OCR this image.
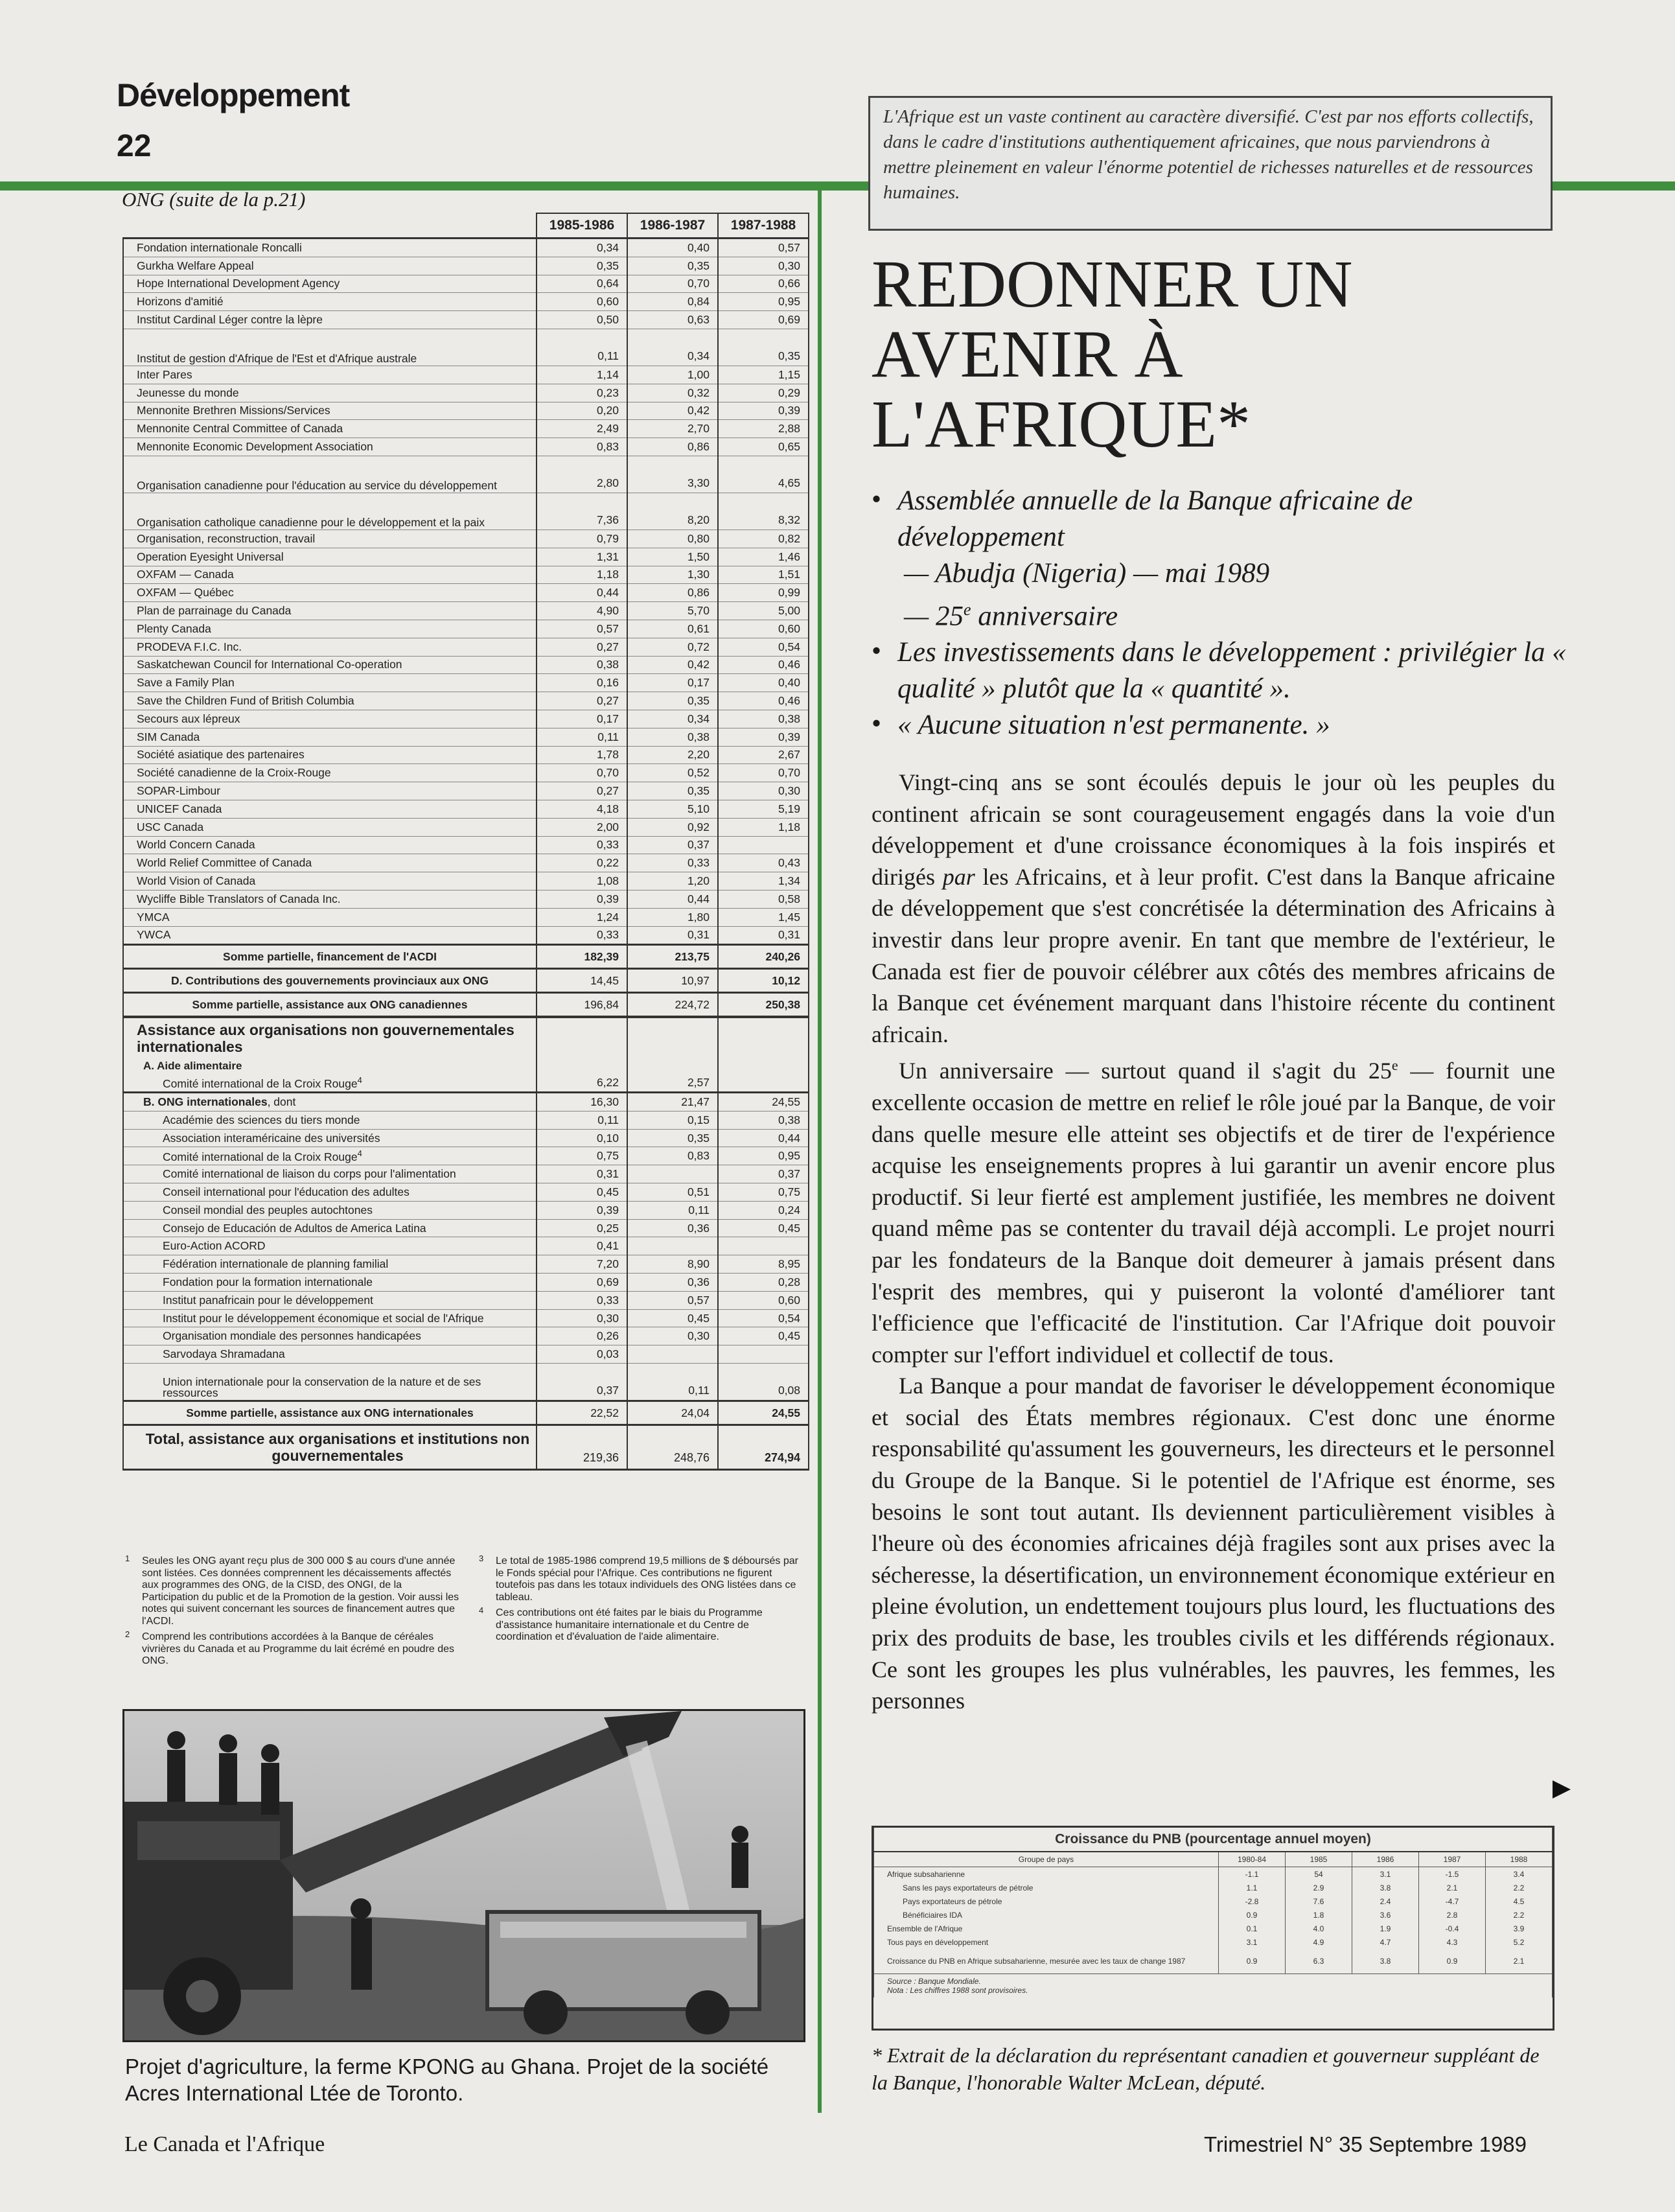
Développement
22
ONG (suite de la p.21)
	1985-1986	1986-1987	1987-1988
Fondation internationale Roncalli	0,34	0,40	0,57
Gurkha Welfare Appeal	0,35	0,35	0,30
Hope International Development Agency	0,64	0,70	0,66
Horizons d'amitié	0,60	0,84	0,95
Institut Cardinal Léger contre la lèpre	0,50	0,63	0,69
Institut de gestion d'Afrique de l'Est et d'Afrique australe	0,11	0,34	0,35
Inter Pares	1,14	1,00	1,15
Jeunesse du monde	0,23	0,32	0,29
Mennonite Brethren Missions/Services	0,20	0,42	0,39
Mennonite Central Committee of Canada	2,49	2,70	2,88
Mennonite Economic Development Association	0,83	0,86	0,65
Organisation canadienne pour l'éducation au service du développement	2,80	3,30	4,65
Organisation catholique canadienne pour le développement et la paix	7,36	8,20	8,32
Organisation, reconstruction, travail	0,79	0,80	0,82
Operation Eyesight Universal	1,31	1,50	1,46
OXFAM — Canada	1,18	1,30	1,51
OXFAM — Québec	0,44	0,86	0,99
Plan de parrainage du Canada	4,90	5,70	5,00
Plenty Canada	0,57	0,61	0,60
PRODEVA F.I.C. Inc.	0,27	0,72	0,54
Saskatchewan Council for International Co-operation	0,38	0,42	0,46
Save a Family Plan	0,16	0,17	0,40
Save the Children Fund of British Columbia	0,27	0,35	0,46
Secours aux lépreux	0,17	0,34	0,38
SIM Canada	0,11	0,38	0,39
Société asiatique des partenaires	1,78	2,20	2,67
Société canadienne de la Croix-Rouge	0,70	0,52	0,70
SOPAR-Limbour	0,27	0,35	0,30
UNICEF Canada	4,18	5,10	5,19
USC Canada	2,00	0,92	1,18
World Concern Canada	0,33	0,37	
World Relief Committee of Canada	0,22	0,33	0,43
World Vision of Canada	1,08	1,20	1,34
Wycliffe Bible Translators of Canada Inc.	0,39	0,44	0,58
YMCA	1,24	1,80	1,45
YWCA	0,33	0,31	0,31
Somme partielle, financement de l'ACDI	182,39	213,75	240,26
D. Contributions des gouvernements provinciaux aux ONG	14,45	10,97	10,12
Somme partielle, assistance aux ONG canadiennes	196,84	224,72	250,38
Assistance aux organisations non gouvernementales internationales			
A. Aide alimentaire			
Comité international de la Croix Rouge$^4$	6,22	2,57	
B. ONG internationales, dont	16,30	21,47	24,55
Académie des sciences du tiers monde	0,11	0,15	0,38
Association interaméricaine des universités	0,10	0,35	0,44
Comité international de la Croix Rouge$^4$	0,75	0,83	0,95
Comité international de liaison du corps pour l'alimentation	0,31		0,37
Conseil international pour l'éducation des adultes	0,45	0,51	0,75
Conseil mondial des peuples autochtones	0,39	0,11	0,24
Consejo de Educación de Adultos de America Latina	0,25	0,36	0,45
Euro-Action ACORD	0,41		
Fédération internationale de planning familial	7,20	8,90	8,95
Fondation pour la formation internationale	0,69	0,36	0,28
Institut panafricain pour le développement	0,33	0,57	0,60
Institut pour le développement économique et social de l'Afrique	0,30	0,45	0,54
Organisation mondiale des personnes handicapées	0,26	0,30	0,45
Sarvodaya Shramadana	0,03		
Union internationale pour la conservation de la nature et de ses ressources	0,37	0,11	0,08
Somme partielle, assistance aux ONG internationales	22,52	24,04	24,55
Total, assistance aux organisations et institutions non gouvernementales	219,36	248,76	274,94
1 Seules les ONG ayant reçu plus de 300 000 $ au cours d'une année sont listées. Ces données comprennent les décaissements affectés aux programmes des ONG, de la CISD, des ONGI, de la Participation du public et de la Promotion de la gestion. Voir aussi les notes qui suivent concernant les sources de financement autres que l'ACDI.
2 Comprend les contributions accordées à la Banque de céréales vivrières du Canada et au Programme du lait écrémé en poudre des ONG.
3 Le total de 1985-1986 comprend 19,5 millions de $ déboursés par le Fonds spécial pour l'Afrique. Ces contributions ne figurent toutefois pas dans les totaux individuels des ONG listées dans ce tableau.
4 Ces contributions ont été faites par le biais du Programme d'assistance humanitaire internationale et du Centre de coordination et d'évaluation de l'aide alimentaire.
Projet d'agriculture, la ferme KPONG au Ghana. Projet de la société Acres International Ltée de Toronto.
Le Canada et l'Afrique

L'Afrique est un vaste continent au caractère diversifié. C'est par nos efforts collectifs, dans le cadre d'institutions authentiquement africaines, que nous parviendrons à mettre pleinement en valeur l'énorme potentiel de richesses naturelles et de ressources humaines.

REDONNER UN
AVENIR À
L'AFRIQUE*
• Assemblée annuelle de la Banque africaine de développement
— Abudja (Nigeria) — mai 1989
— 25e anniversaire
• Les investissements dans le développement : privilégier la « qualité » plutôt que la « quantité ».
• « Aucune situation n'est permanente. »

Vingt-cinq ans se sont écoulés depuis le jour où les peuples du continent africain se sont courageusement engagés dans la voie d'un développement et d'une croissance économiques à la fois inspirés et dirigés par les Africains, et à leur profit. C'est dans la Banque africaine de développement que s'est concrétisée la détermination des Africains à investir dans leur propre avenir. En tant que membre de l'extérieur, le Canada est fier de pouvoir célébrer aux côtés des membres africains de la Banque cet événement marquant dans l'histoire récente du continent africain.

Un anniversaire — surtout quand il s'agit du 25e — fournit une excellente occasion de mettre en relief le rôle joué par la Banque, de voir dans quelle mesure elle atteint ses objectifs et de tirer de l'expérience acquise les enseignements propres à lui garantir un avenir encore plus productif. Si leur fierté est amplement justifiée, les membres ne doivent quand même pas se contenter du travail déjà accompli. Le projet nourri par les fondateurs de la Banque doit demeurer à jamais présent dans l'esprit des membres, qui y puiseront la volonté d'améliorer tant l'efficience que l'efficacité de l'institution. Car l'Afrique doit pouvoir compter sur l'effort individuel et collectif de tous.

La Banque a pour mandat de favoriser le développement économique et social des États membres régionaux. C'est donc une énorme responsabilité qu'assument les gouverneurs, les directeurs et le personnel du Groupe de la Banque. Si le potentiel de l'Afrique est énorme, ses besoins le sont tout autant. Ils deviennent particulièrement visibles à l'heure où des économies africaines déjà fragiles sont aux prises avec la sécheresse, la désertification, un environnement économique extérieur en pleine évolution, un endettement toujours plus lourd, les fluctuations des prix des produits de base, les troubles civils et les différends régionaux. Ce sont les groupes les plus vulnérables, les pauvres, les femmes, les personnes

Croissance du PNB (pourcentage annuel moyen)					
Groupe de pays	1980-84	1985	1986	1987	1988
Afrique subsaharienne	-1.1	54	3.1	-1.5	3.4
Sans les pays exportateurs de pétrole	1.1	2.9	3.8	2.1	2.2
Pays exportateurs de pétrole	-2.8	7.6	2.4	-4.7	4.5
Bénéficiaires IDA	0.9	1.8	3.6	2.8	2.2
Ensemble de l'Afrique	0.1	4.0	1.9	-0.4	3.9
Tous pays en développement	3.1	4.9	4.7	4.3	5.2
Croissance du PNB en Afrique subsaharienne, mesurée avec les taux de change 1987	0.9	6.3	3.8	0.9	2.1

Source : Banque Mondiale.
Nota : Les chiffres 1988 sont provisoires.					
* Extrait de la déclaration du représentant canadien et gouverneur suppléant de la Banque, l'honorable Walter McLean, député.
Trimestriel N° 35 Septembre 1989
